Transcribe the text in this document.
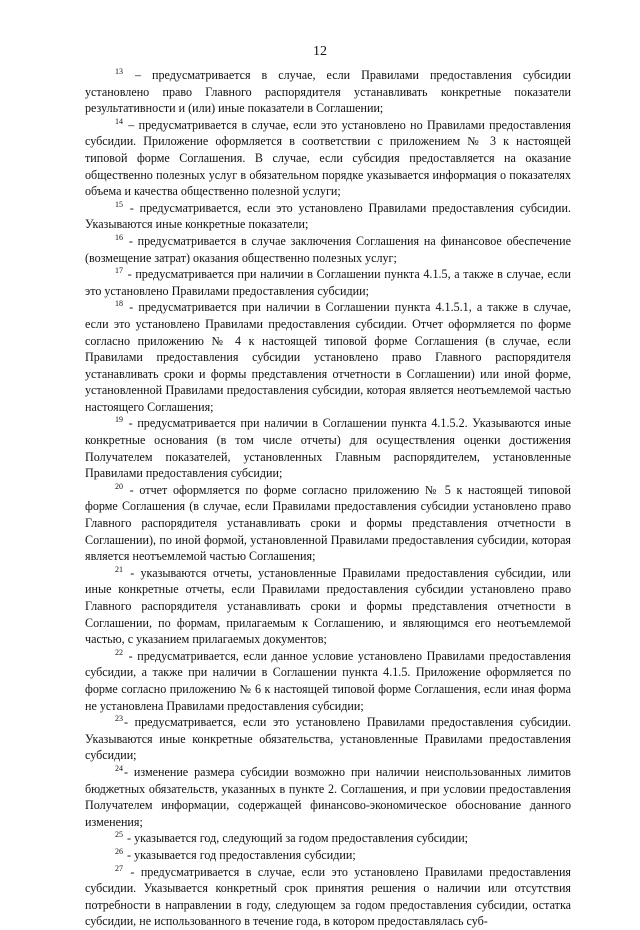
12

$^{13}$ – предусматривается в случае, если Правилами предоставления субсидии установлено право Главного распорядителя устанавливать конкретные показатели результативности и (или) иные показатели в Соглашении;

$^{14}$ – предусматривается в случае, если это установлено но Правилами предоставления субсидии. Приложение оформляется в соответствии с приложением № 3 к настоящей типовой форме Соглашения. В случае, если субсидия предоставляется на оказание общественно полезных услуг в обязательном порядке указывается информация о показателях объема и качества общественно полезной услуги;

$^{15}$ - предусматривается, если это установлено Правилами предоставления субсидии. Указываются иные конкретные показатели;

$^{16}$ - предусматривается в случае заключения Соглашения на финансовое обеспечение (возмещение затрат) оказания общественно полезных услуг;

$^{17}$ - предусматривается при наличии в Соглашении пункта 4.1.5, а также в случае, если это установлено Правилами предоставления субсидии;

$^{18}$ - предусматривается при наличии в Соглашении пункта 4.1.5.1, а также в случае, если это установлено Правилами предоставления субсидии. Отчет оформляется по форме согласно приложению № 4 к настоящей типовой форме Соглашения (в случае, если Правилами предоставления субсидии установлено право Главного распорядителя устанавливать сроки и формы представления отчетности в Соглашении) или иной форме, установленной Правилами предоставления субсидии, которая является неотъемлемой частью настоящего Соглашения;

$^{19}$ - предусматривается при наличии в Соглашении пункта 4.1.5.2. Указываются иные конкретные основания (в том числе отчеты) для осуществления оценки достижения Получателем показателей, установленных Главным распорядителем, установленные Правилами предоставления субсидии;

$^{20}$ - отчет оформляется по форме согласно приложению № 5 к настоящей типовой форме Соглашения (в случае, если Правилами предоставления субсидии установлено право Главного распорядителя устанавливать сроки и формы представления отчетности в Соглашении), по иной формой, установленной Правилами предоставления субсидии, которая является неотъемлемой частью Соглашения;

$^{21}$ - указываются отчеты, установленные Правилами предоставления субсидии, или иные конкретные отчеты, если Правилами предоставления субсидии установлено право Главного распорядителя устанавливать сроки и формы представления отчетности в Соглашении, по формам, прилагаемым к Соглашению, и являющимся его неотъемлемой частью, с указанием прилагаемых документов;

$^{22}$ - предусматривается, если данное условие установлено Правилами предоставления субсидии, а также при наличии в Соглашении пункта 4.1.5. Приложение оформляется по форме согласно приложению № 6 к настоящей типовой форме Соглашения, если иная форма не установлена Правилами предоставления субсидии;

$^{23}$- предусматривается, если это установлено Правилами предоставления субсидии. Указываются иные конкретные обязательства, установленные Правилами предоставления субсидии;

$^{24}$- изменение размера субсидии возможно при наличии неиспользованных лимитов бюджетных обязательств, указанных в пункте 2. Соглашения, и при условии предоставления Получателем информации, содержащей финансово-экономическое обоснование данного изменения;

$^{25}$ - указывается год, следующий за годом предоставления субсидии;

$^{26}$ - указывается год предоставления субсидии;

$^{27}$ - предусматривается в случае, если это установлено Правилами предоставления субсидии. Указывается конкретный срок принятия решения о наличии или отсутствия потребности в направлении в году, следующем за годом предоставления субсидии, остатка субсидии, не использованного в течение года, в котором предоставлялась суб-
